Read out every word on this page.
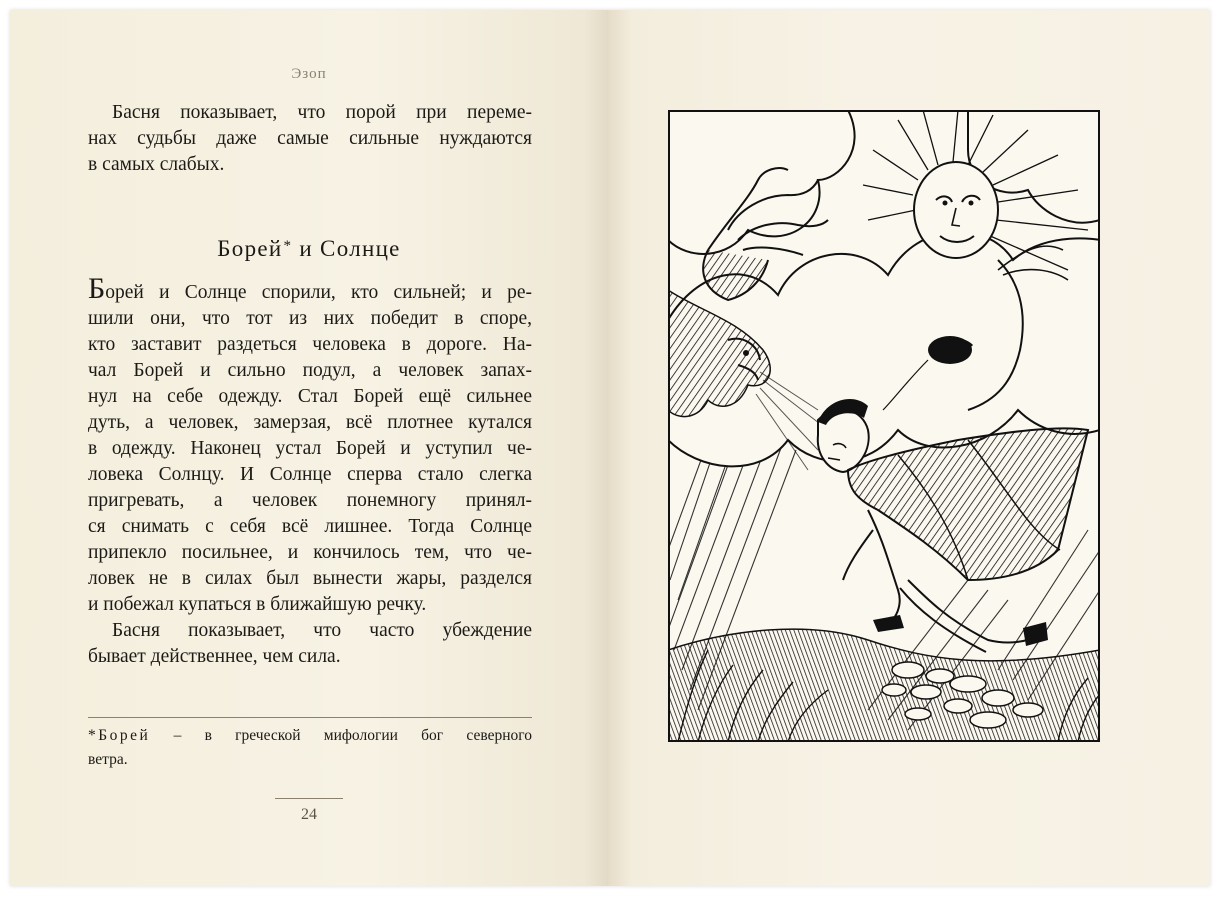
Эзоп
Басня показывает, что порой при переме-
нах судьбы даже самые сильные нуждаются
в самых слабых.
Борей* и Солнце
Борей и Солнце спорили, кто сильней; и ре-
шили они, что тот из них победит в споре,
кто заставит раздеться человека в дороге. На-
чал Борей и сильно подул, а человек запах-
нул на себе одежду. Стал Борей ещё сильнее
дуть, а человек, замерзая, всё плотнее кутался
в одежду. Наконец устал Борей и уступил че-
ловека Солнцу. И Солнце сперва стало слегка
пригревать, а человек понемногу принял-
ся снимать с себя всё лишнее. Тогда Солнце
припекло посильнее, и кончилось тем, что че-
ловек не в силах был вынести жары, разделся
и побежал купаться в ближайшую речку.
Басня показывает, что часто убеждение
бывает действеннее, чем сила.
*Борей – в греческой мифологии бог северного
ветра.
24
